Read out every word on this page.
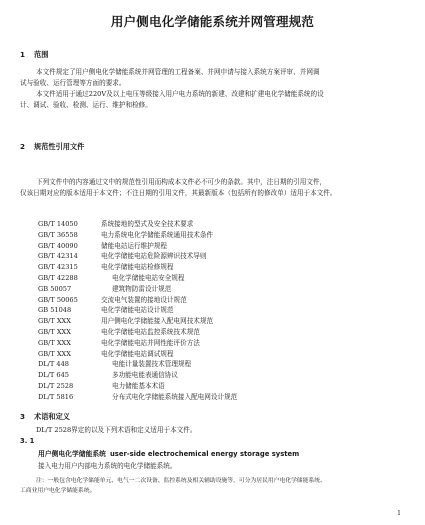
用户侧电化学储能系统并网管理规范
1 范围
本文件规定了用户侧电化学储能系统并网管理的工程备案、并网申请与接入系统方案评审、并网调
试与验收、运行管理等方面的要求。
本文件适用于通过220V及以上电压等级接入用户电力系统的新建、改建和扩建电化学储能系统的设
计、调试、验收、检测、运行、维护和检修。
2 规范性引用文件
下列文件中的内容通过文中的规范性引用而构成本文件必不可少的条款。其中，注日期的引用文件，
仅该日期对应的版本适用于本文件；不注日期的引用文件，其最新版本（包括所有的修改单）适用于本文件。
GB/T 14050	系统接地的型式及安全技术要求
GB/T 36558	电力系统电化学储能系统通用技术条件
GB/T 40090	储能电站运行维护规程
GB/T 42314	电化学储能电站危险源辨识技术导则
GB/T 42315	电化学储能电站检修规程
GB/T 42288	电化学储能电站安全规程
GB 50057	建筑物防雷设计规范
GB/T 50065	交流电气装置的接地设计规范
GB 51048	电化学储能电站设计规范
GB/T XXX	用户侧电化学储能接入配电网技术规范
GB/T XXX	电化学储能电站监控系统技术规范
GB/T XXX	电化学储能电站并网性能评价方法
GB/T XXX	电化学储能电站调试规程
DL/T 448	电能计量装置技术管理规程
DL/T 645	多功能电能表通信协议
DL/T 2528	电力储能基本术语
DL/T 5816	分布式电化学储能系统接入配电网设计规范
3 术语和定义
DL/T 2528界定的以及下列术语和定义适用于本文件。
3. 1
用户侧电化学储能系统 user-side electrochemical energy storage system
接入电力用户内部电力系统的电化学储能系统。
注：一般包含电化学储能单元、电气一二次设备、监控系统及相关辅助设施等，可分为居民用户电化学储能系统、
工商业用户电化学储能系统。
1
